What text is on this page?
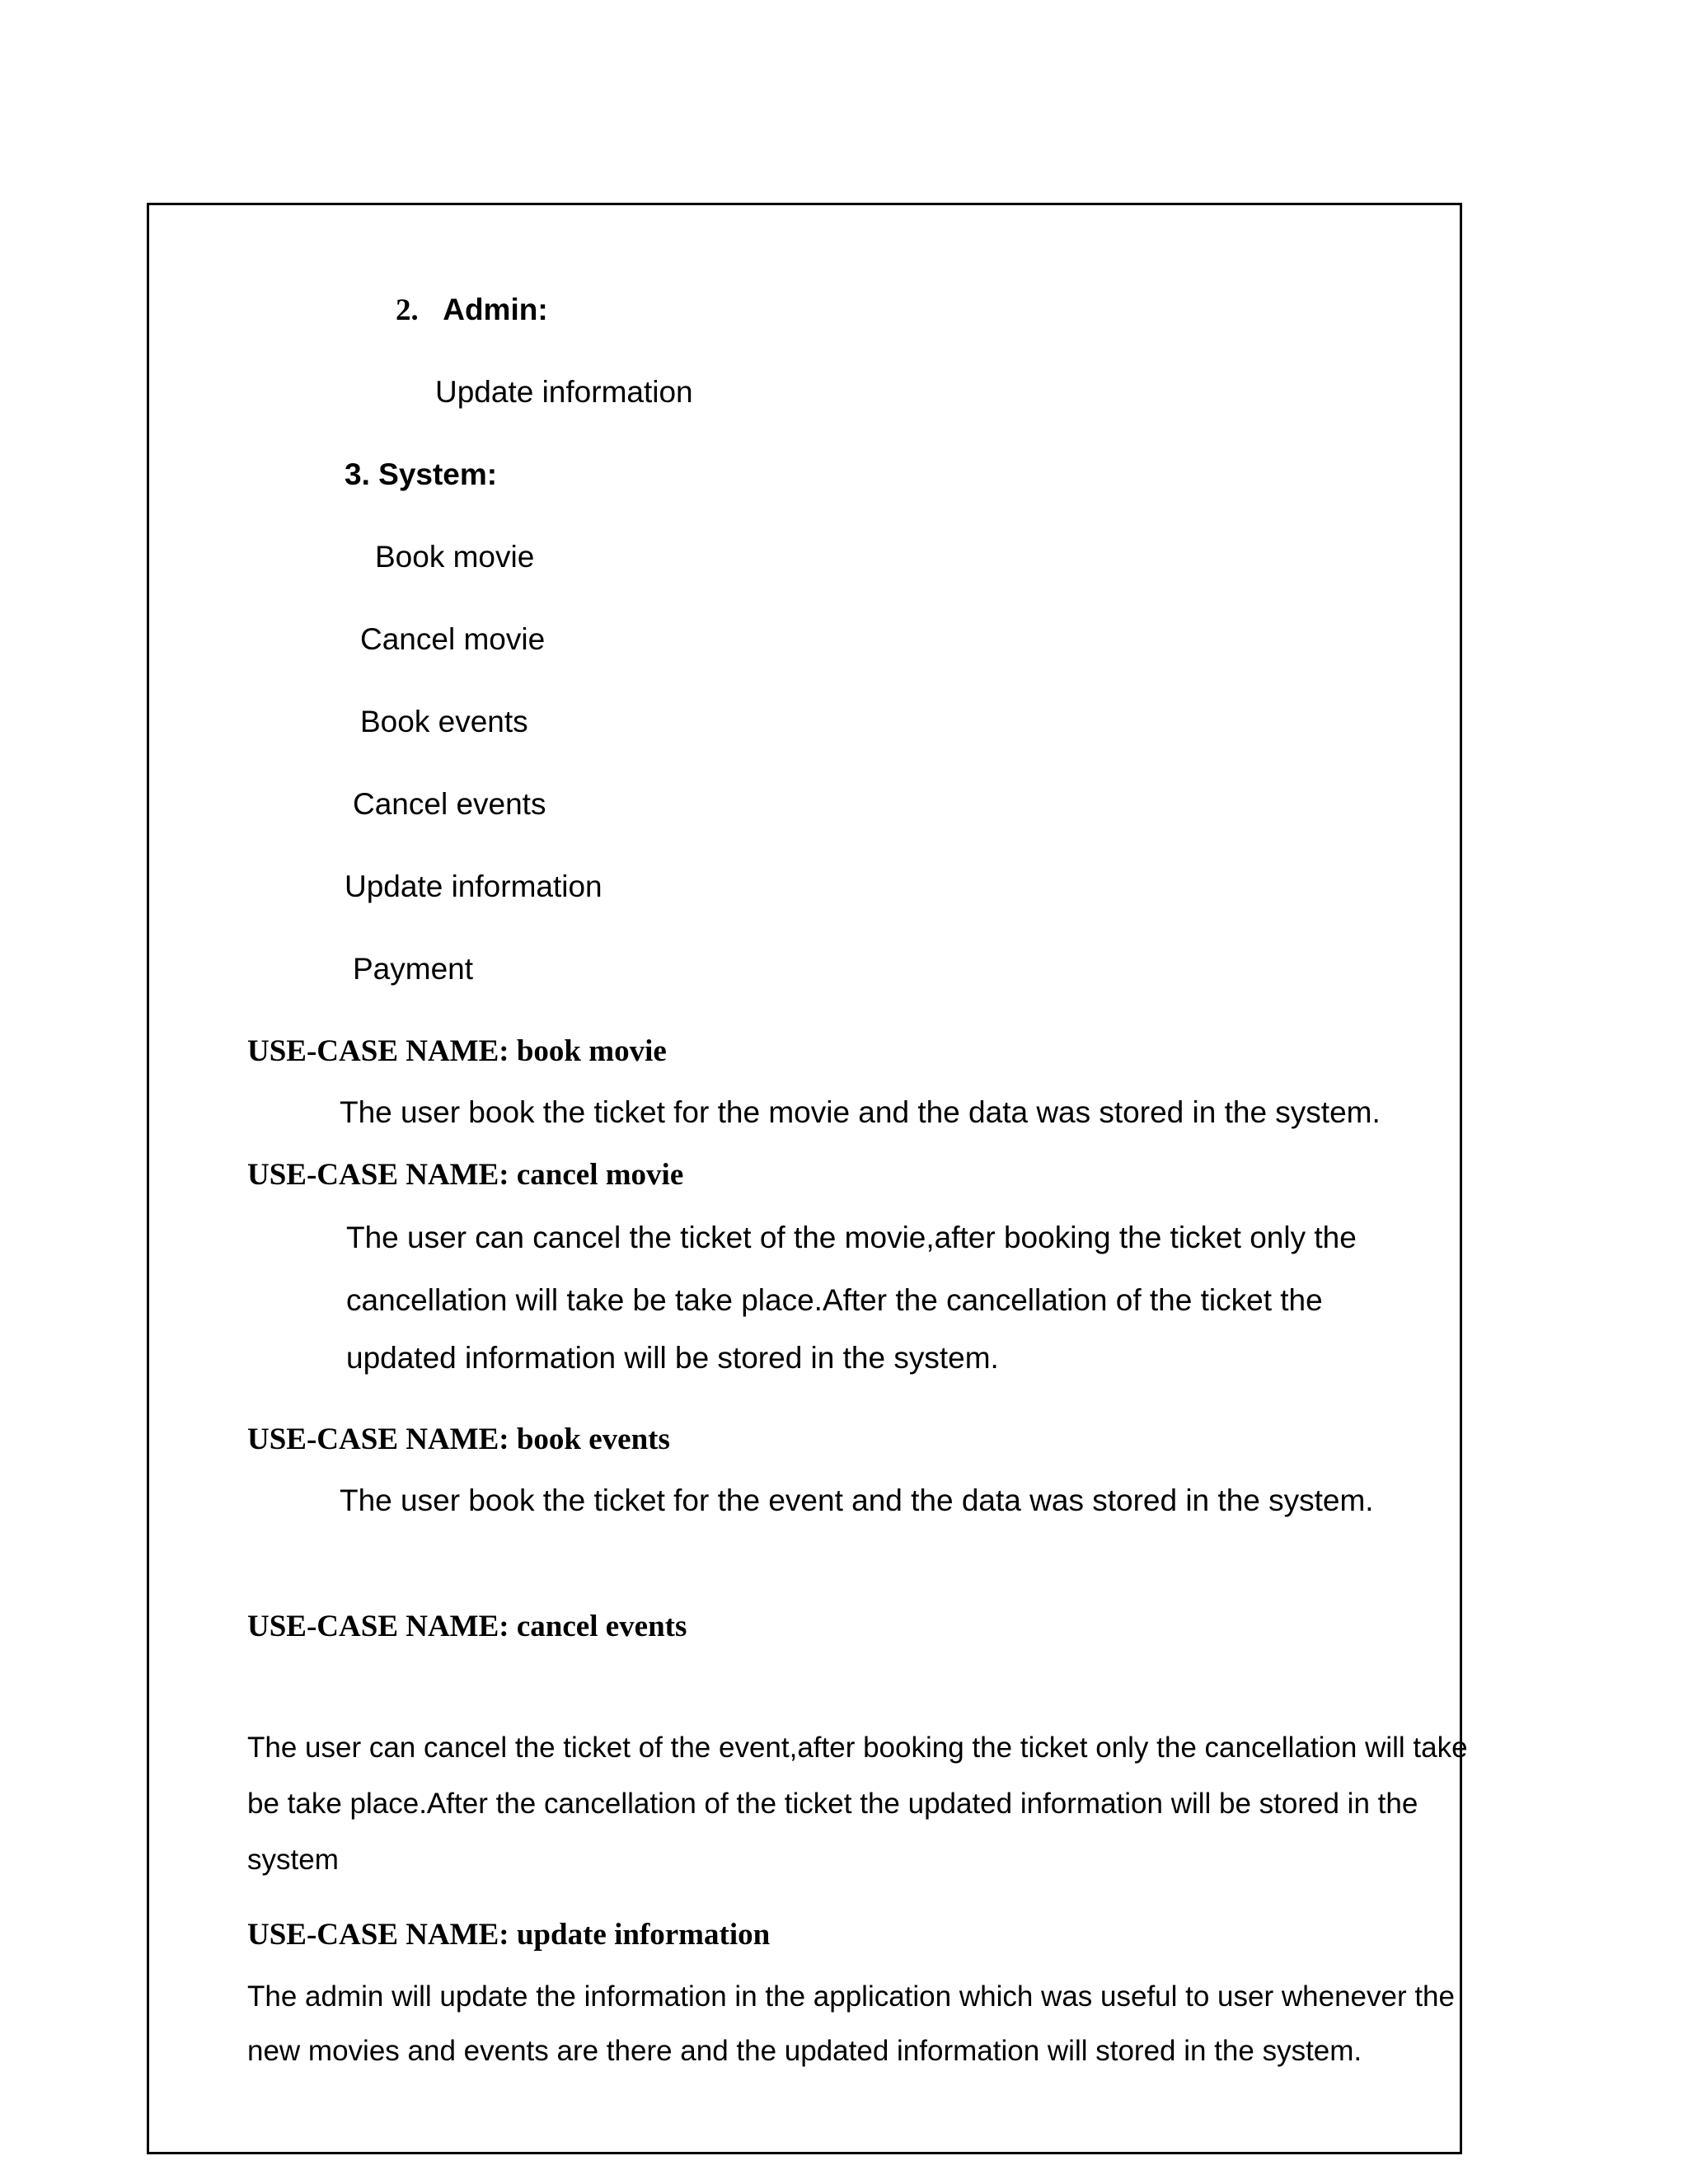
2. Admin:
Update information
3. System:
Book movie
Cancel movie
Book events
Cancel events
Update information
Payment
USE-CASE NAME: book movie
The user book the ticket for the movie and the data was stored in the system.
USE-CASE NAME: cancel movie
The user can cancel the ticket of the movie,after booking the ticket only the
cancellation will take be take place.After the cancellation of the ticket the
updated information will be stored in the system.
USE-CASE NAME: book events
The user book the ticket for the event and the data was stored in the system.
USE-CASE NAME: cancel events
The user can cancel the ticket of the event,after booking the ticket only the cancellation will take
be take place.After the cancellation of the ticket the updated information will be stored in the
system
USE-CASE NAME: update information
The admin will update the information in the application which was useful to user whenever the
new movies and events are there and the updated information will stored in the system.
